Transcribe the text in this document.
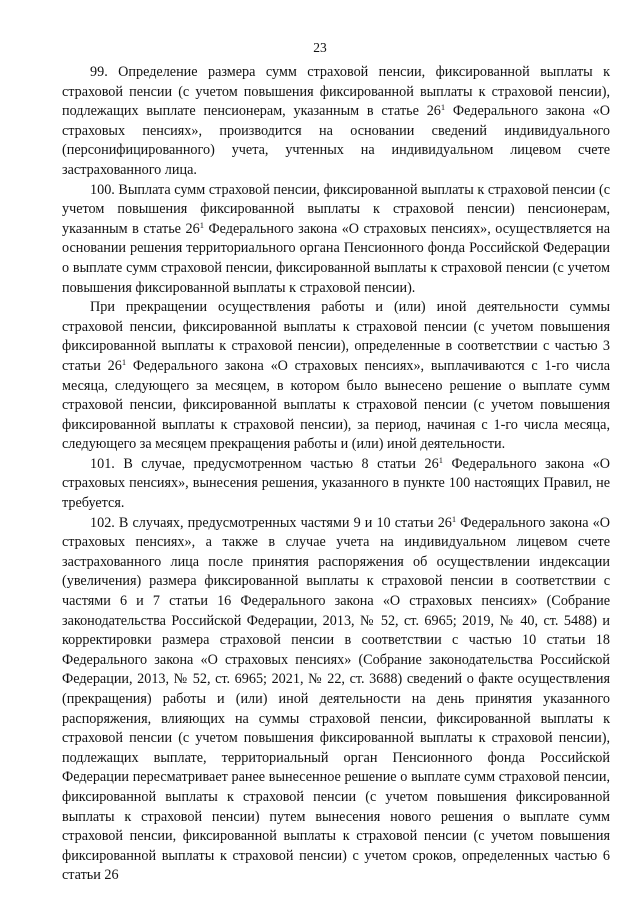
23

99. Определение размера сумм страховой пенсии, фиксированной выплаты к страховой пенсии (с учетом повышения фиксированной выплаты к страховой пенсии), подлежащих выплате пенсионерам, указанным в статье $26^1$ Федерального закона «О страховых пенсиях», производится на основании сведений индивидуального (персонифицированного) учета, учтенных на индивидуальном лицевом счете застрахованного лица.

100. Выплата сумм страховой пенсии, фиксированной выплаты к страховой пенсии (с учетом повышения фиксированной выплаты к страховой пенсии) пенсионерам, указанным в статье $26^1$ Федерального закона «О страховых пенсиях», осуществляется на основании решения территориального органа Пенсионного фонда Российской Федерации о выплате сумм страховой пенсии, фиксированной выплаты к страховой пенсии (с учетом повышения фиксированной выплаты к страховой пенсии).

При прекращении осуществления работы и (или) иной деятельности суммы страховой пенсии, фиксированной выплаты к страховой пенсии (с учетом повышения фиксированной выплаты к страховой пенсии), определенные в соответствии с частью 3 статьи $26^1$ Федерального закона «О страховых пенсиях», выплачиваются с 1-го числа месяца, следующего за месяцем, в котором было вынесено решение о выплате сумм страховой пенсии, фиксированной выплаты к страховой пенсии (с учетом повышения фиксированной выплаты к страховой пенсии), за период, начиная с 1-го числа месяца, следующего за месяцем прекращения работы и (или) иной деятельности.

101. В случае, предусмотренном частью 8 статьи $26^1$ Федерального закона «О страховых пенсиях», вынесения решения, указанного в пункте 100 настоящих Правил, не требуется.

102. В случаях, предусмотренных частями 9 и 10 статьи $26^1$ Федерального закона «О страховых пенсиях», а также в случае учета на индивидуальном лицевом счете застрахованного лица после принятия распоряжения об осуществлении индексации (увеличения) размера фиксированной выплаты к страховой пенсии в соответствии с частями 6 и 7 статьи 16 Федерального закона «О страховых пенсиях» (Собрание законодательства Российской Федерации, 2013, № 52, ст. 6965; 2019, № 40, ст. 5488) и корректировки размера страховой пенсии в соответствии с частью 10 статьи 18 Федерального закона «О страховых пенсиях» (Собрание законодательства Российской Федерации, 2013, № 52, ст. 6965; 2021, № 22, ст. 3688) сведений о факте осуществления (прекращения) работы и (или) иной деятельности на день принятия указанного распоряжения, влияющих на суммы страховой пенсии, фиксированной выплаты к страховой пенсии (с учетом повышения фиксированной выплаты к страховой пенсии), подлежащих выплате, территориальный орган Пенсионного фонда Российской Федерации пересматривает ранее вынесенное решение о выплате сумм страховой пенсии, фиксированной выплаты к страховой пенсии (с учетом повышения фиксированной выплаты к страховой пенсии) путем вынесения нового решения о выплате сумм страховой пенсии, фиксированной выплаты к страховой пенсии (с учетом повышения фиксированной выплаты к страховой пенсии) с учетом сроков, определенных частью 6 статьи 26
